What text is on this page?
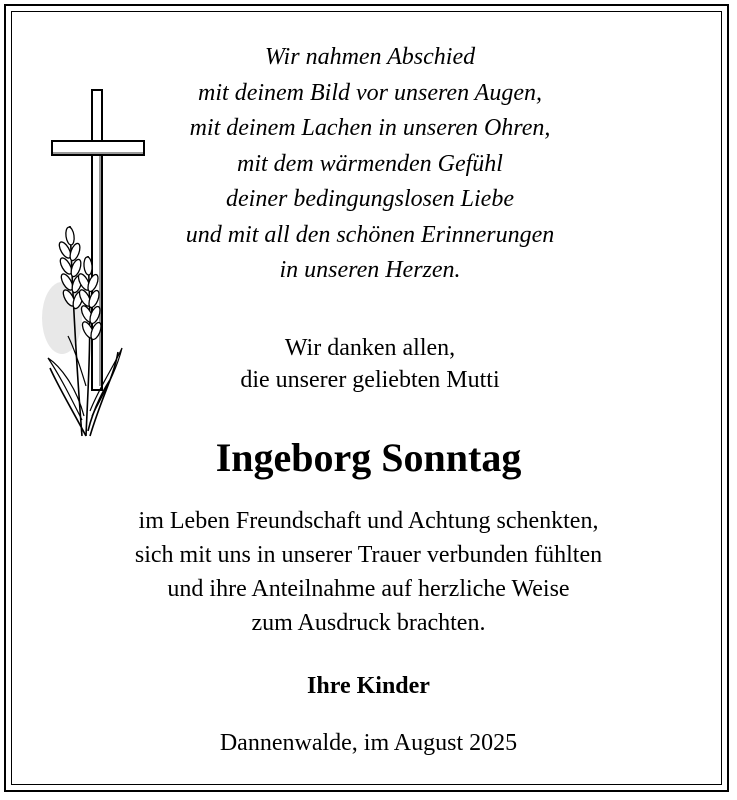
Wir nahmen Abschied
mit deinem Bild vor unseren Augen,
mit deinem Lachen in unseren Ohren,
mit dem wärmenden Gefühl
deiner bedingungslosen Liebe
und mit all den schönen Erinnerungen
in unseren Herzen.
Wir danken allen,
die unserer geliebten Mutti
Ingeborg Sonntag
im Leben Freundschaft und Achtung schenkten,
sich mit uns in unserer Trauer verbunden fühlten
und ihre Anteilnahme auf herzliche Weise
zum Ausdruck brachten.
Ihre Kinder
Dannenwalde, im August 2025
